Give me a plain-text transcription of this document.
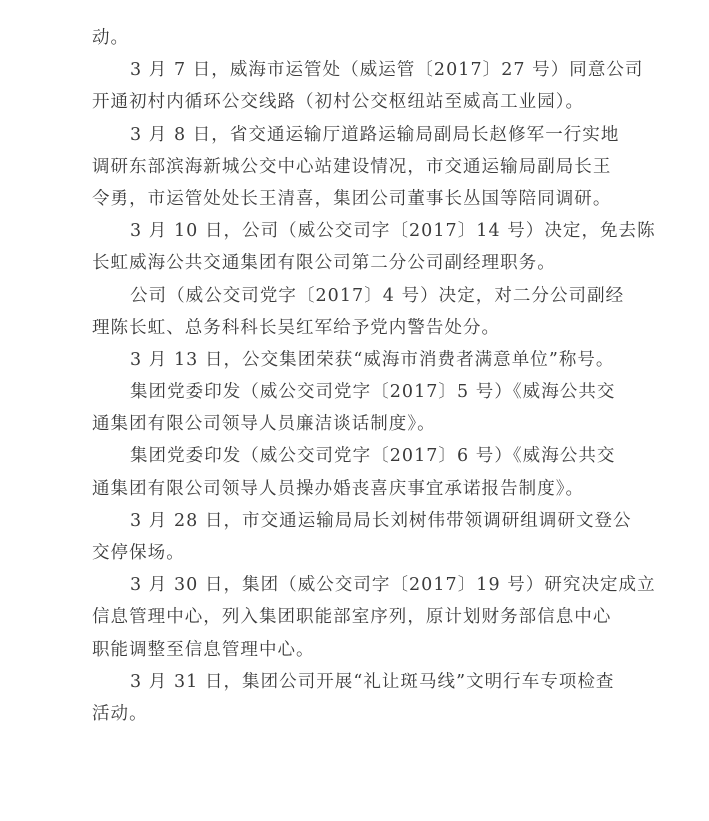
动。

3 月 7 日，威海市运管处（威运管〔2017〕27 号）同意公司

开通初村内循环公交线路（初村公交枢纽站至威高工业园）。

3 月 8 日，省交通运输厅道路运输局副局长赵修军一行实地

调研东部滨海新城公交中心站建设情况，市交通运输局副局长王

令勇，市运管处处长王清喜，集团公司董事长丛国等陪同调研。

3 月 10 日，公司（威公交司字〔2017〕14 号）决定，免去陈

长虹威海公共交通集团有限公司第二分公司副经理职务。

公司（威公交司党字〔2017〕4 号）决定，对二分公司副经

理陈长虹、总务科科长吴红军给予党内警告处分。

3 月 13 日，公交集团荣获“威海市消费者满意单位”称号。

集团党委印发（威公交司党字〔2017〕5 号）《威海公共交

通集团有限公司领导人员廉洁谈话制度》。

集团党委印发（威公交司党字〔2017〕6 号）《威海公共交

通集团有限公司领导人员操办婚丧喜庆事宜承诺报告制度》。

3 月 28 日，市交通运输局局长刘树伟带领调研组调研文登公

交停保场。

3 月 30 日，集团（威公交司字〔2017〕19 号）研究决定成立

信息管理中心，列入集团职能部室序列，原计划财务部信息中心

职能调整至信息管理中心。

3 月 31 日，集团公司开展“礼让斑马线”文明行车专项检查

活动。
